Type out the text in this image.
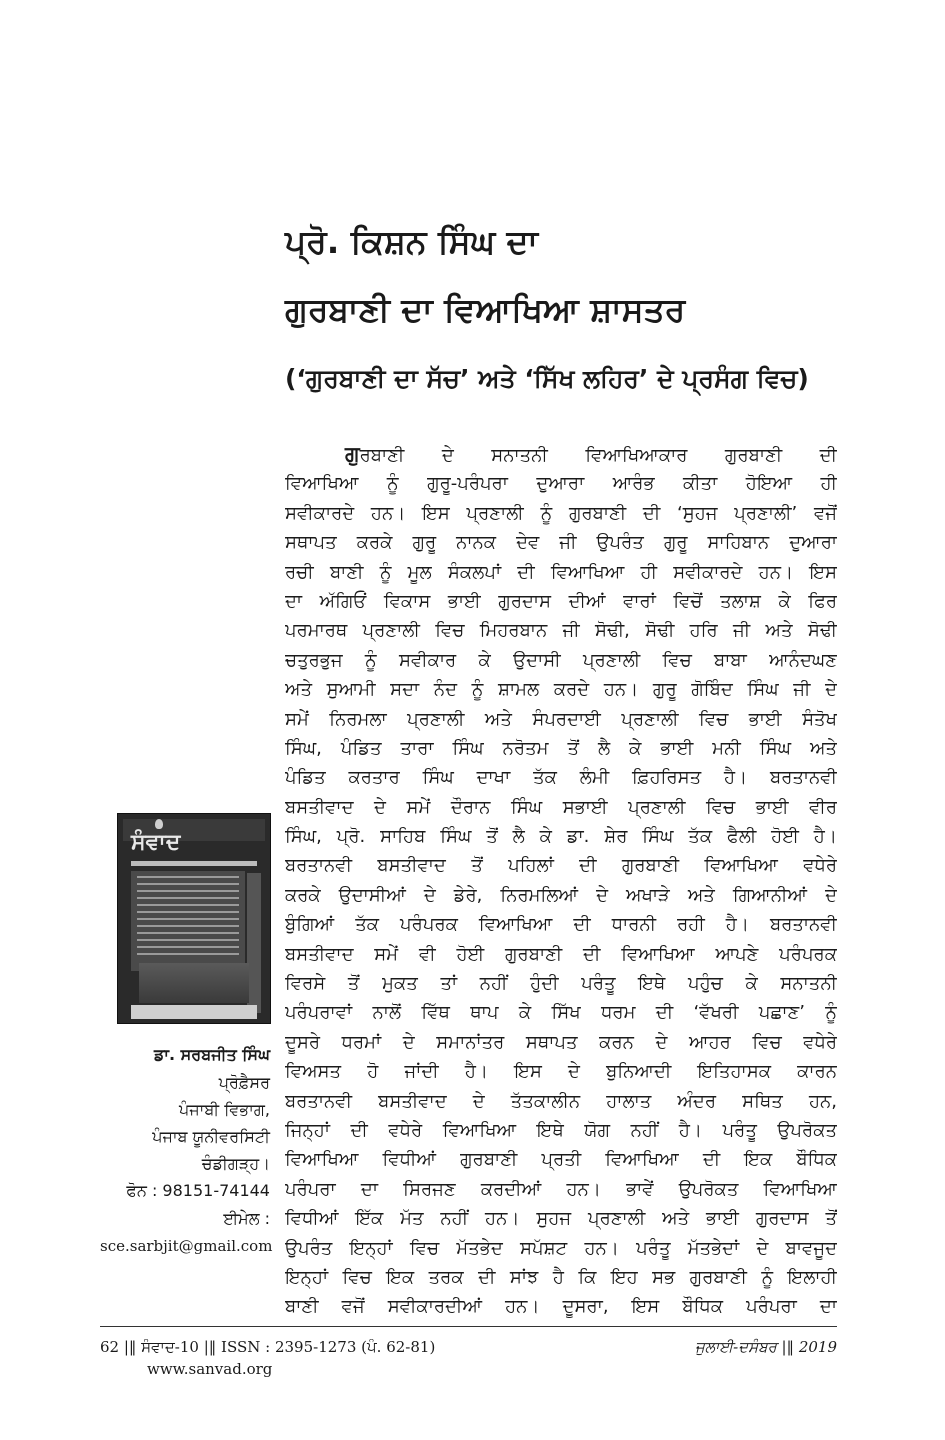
ਪ੍ਰੋ. ਕਿਸ਼ਨ ਸਿੰਘ ਦਾ
ਗੁਰਬਾਣੀ ਦਾ ਵਿਆਖਿਆ ਸ਼ਾਸਤਰ
(‘ਗੁਰਬਾਣੀ ਦਾ ਸੱਚ’ ਅਤੇ ‘ਸਿੱਖ ਲਹਿਰ’ ਦੇ ਪ੍ਰਸੰਗ ਵਿਚ)
ਗੁਰਬਾਣੀ ਦੇ ਸਨਾਤਨੀ ਵਿਆਖਿਆਕਾਰ ਗੁਰਬਾਣੀ ਦੀ
ਵਿਆਖਿਆ ਨੂੰ ਗੁਰੂ-ਪਰੰਪਰਾ ਦੁਆਰਾ ਆਰੰਭ ਕੀਤਾ ਹੋਇਆ ਹੀ
ਸਵੀਕਾਰਦੇ ਹਨ। ਇਸ ਪ੍ਰਣਾਲੀ ਨੂੰ ਗੁਰਬਾਣੀ ਦੀ ‘ਸੁਹਜ ਪ੍ਰਣਾਲੀ’ ਵਜੋਂ
ਸਥਾਪਤ ਕਰਕੇ ਗੁਰੂ ਨਾਨਕ ਦੇਵ ਜੀ ਉਪਰੰਤ ਗੁਰੂ ਸਾਹਿਬਾਨ ਦੁਆਰਾ
ਰਚੀ ਬਾਣੀ ਨੂੰ ਮੂਲ ਸੰਕਲਪਾਂ ਦੀ ਵਿਆਖਿਆ ਹੀ ਸਵੀਕਾਰਦੇ ਹਨ। ਇਸ
ਦਾ ਅੱਗਿਓਂ ਵਿਕਾਸ ਭਾਈ ਗੁਰਦਾਸ ਦੀਆਂ ਵਾਰਾਂ ਵਿਚੋਂ ਤਲਾਸ਼ ਕੇ ਫਿਰ
ਪਰਮਾਰਥ ਪ੍ਰਣਾਲੀ ਵਿਚ ਮਿਹਰਬਾਨ ਜੀ ਸੋਢੀ, ਸੋਢੀ ਹਰਿ ਜੀ ਅਤੇ ਸੋਢੀ
ਚਤੁਰਭੁਜ ਨੂੰ ਸਵੀਕਾਰ ਕੇ ਉਦਾਸੀ ਪ੍ਰਣਾਲੀ ਵਿਚ ਬਾਬਾ ਆਨੰਦਘਣ
ਅਤੇ ਸੁਆਮੀ ਸਦਾ ਨੰਦ ਨੂੰ ਸ਼ਾਮਲ ਕਰਦੇ ਹਨ। ਗੁਰੂ ਗੋਬਿੰਦ ਸਿੰਘ ਜੀ ਦੇ
ਸਮੇਂ ਨਿਰਮਲਾ ਪ੍ਰਣਾਲੀ ਅਤੇ ਸੰਪਰਦਾਈ ਪ੍ਰਣਾਲੀ ਵਿਚ ਭਾਈ ਸੰਤੋਖ
ਸਿੰਘ, ਪੰਡਿਤ ਤਾਰਾ ਸਿੰਘ ਨਰੋਤਮ ਤੋਂ ਲੈ ਕੇ ਭਾਈ ਮਨੀ ਸਿੰਘ ਅਤੇ
ਪੰਡਿਤ ਕਰਤਾਰ ਸਿੰਘ ਦਾਖਾ ਤੱਕ ਲੰਮੀ ਫ਼ਿਹਰਿਸਤ ਹੈ। ਬਰਤਾਨਵੀ
ਬਸਤੀਵਾਦ ਦੇ ਸਮੇਂ ਦੌਰਾਨ ਸਿੰਘ ਸਭਾਈ ਪ੍ਰਣਾਲੀ ਵਿਚ ਭਾਈ ਵੀਰ
ਸਿੰਘ, ਪ੍ਰੋ. ਸਾਹਿਬ ਸਿੰਘ ਤੋਂ ਲੈ ਕੇ ਡਾ. ਸ਼ੇਰ ਸਿੰਘ ਤੱਕ ਫੈਲੀ ਹੋਈ ਹੈ।
ਬਰਤਾਨਵੀ ਬਸਤੀਵਾਦ ਤੋਂ ਪਹਿਲਾਂ ਦੀ ਗੁਰਬਾਣੀ ਵਿਆਖਿਆ ਵਧੇਰੇ
ਕਰਕੇ ਉਦਾਸੀਆਂ ਦੇ ਡੇਰੇ, ਨਿਰਮਲਿਆਂ ਦੇ ਅਖਾੜੇ ਅਤੇ ਗਿਆਨੀਆਂ ਦੇ
ਬੁੰਗਿਆਂ ਤੱਕ ਪਰੰਪਰਕ ਵਿਆਖਿਆ ਦੀ ਧਾਰਨੀ ਰਹੀ ਹੈ। ਬਰਤਾਨਵੀ
ਬਸਤੀਵਾਦ ਸਮੇਂ ਵੀ ਹੋਈ ਗੁਰਬਾਣੀ ਦੀ ਵਿਆਖਿਆ ਆਪਣੇ ਪਰੰਪਰਕ
ਵਿਰਸੇ ਤੋਂ ਮੁਕਤ ਤਾਂ ਨਹੀਂ ਹੁੰਦੀ ਪਰੰਤੂ ਇਥੇ ਪਹੁੰਚ ਕੇ ਸਨਾਤਨੀ
ਪਰੰਪਰਾਵਾਂ ਨਾਲੋਂ ਵਿੱਥ ਥਾਪ ਕੇ ਸਿੱਖ ਧਰਮ ਦੀ ‘ਵੱਖਰੀ ਪਛਾਣ’ ਨੂੰ
ਦੂਸਰੇ ਧਰਮਾਂ ਦੇ ਸਮਾਨਾਂਤਰ ਸਥਾਪਤ ਕਰਨ ਦੇ ਆਹਰ ਵਿਚ ਵਧੇਰੇ
ਵਿਅਸਤ ਹੋ ਜਾਂਦੀ ਹੈ। ਇਸ ਦੇ ਬੁਨਿਆਦੀ ਇਤਿਹਾਸਕ ਕਾਰਨ
ਬਰਤਾਨਵੀ ਬਸਤੀਵਾਦ ਦੇ ਤੱਤਕਾਲੀਨ ਹਾਲਾਤ ਅੰਦਰ ਸਥਿਤ ਹਨ,
ਜਿਨ੍ਹਾਂ ਦੀ ਵਧੇਰੇ ਵਿਆਖਿਆ ਇਥੇ ਯੋਗ ਨਹੀਂ ਹੈ। ਪਰੰਤੂ ਉਪਰੋਕਤ
ਵਿਆਖਿਆ ਵਿਧੀਆਂ ਗੁਰਬਾਣੀ ਪ੍ਰਤੀ ਵਿਆਖਿਆ ਦੀ ਇਕ ਬੌਧਿਕ
ਪਰੰਪਰਾ ਦਾ ਸਿਰਜਣ ਕਰਦੀਆਂ ਹਨ। ਭਾਵੇਂ ਉਪਰੋਕਤ ਵਿਆਖਿਆ
ਵਿਧੀਆਂ ਇੱਕ ਮੱਤ ਨਹੀਂ ਹਨ। ਸੁਹਜ ਪ੍ਰਣਾਲੀ ਅਤੇ ਭਾਈ ਗੁਰਦਾਸ ਤੋਂ
ਉਪਰੰਤ ਇਨ੍ਹਾਂ ਵਿਚ ਮੱਤਭੇਦ ਸਪੱਸ਼ਟ ਹਨ। ਪਰੰਤੂ ਮੱਤਭੇਦਾਂ ਦੇ ਬਾਵਜੂਦ
ਇਨ੍ਹਾਂ ਵਿਚ ਇਕ ਤਰਕ ਦੀ ਸਾਂਝ ਹੈ ਕਿ ਇਹ ਸਭ ਗੁਰਬਾਣੀ ਨੂੰ ਇਲਾਹੀ
ਬਾਣੀ ਵਜੋਂ ਸਵੀਕਾਰਦੀਆਂ ਹਨ। ਦੂਸਰਾ, ਇਸ ਬੌਧਿਕ ਪਰੰਪਰਾ ਦਾ
ਸੰਵਾਦ
ਡਾ. ਸਰਬਜੀਤ ਸਿੰਘ
ਪ੍ਰੋਫ਼ੈਸਰ
ਪੰਜਾਬੀ ਵਿਭਾਗ,
ਪੰਜਾਬ ਯੂਨੀਵਰਸਿਟੀ
ਚੰਡੀਗੜ੍ਹ।
ਫੋਨ : 98151-74144
ਈਮੇਲ :
sce.sarbjit@gmail.com
62 |‖ ਸੰਵਾਦ-10 |‖ ISSN : 2395-1273 (ਪੰ. 62-81)	ਜੁਲਾਈ-ਦਸੰਬਰ |‖ 2019
www.sanvad.org
